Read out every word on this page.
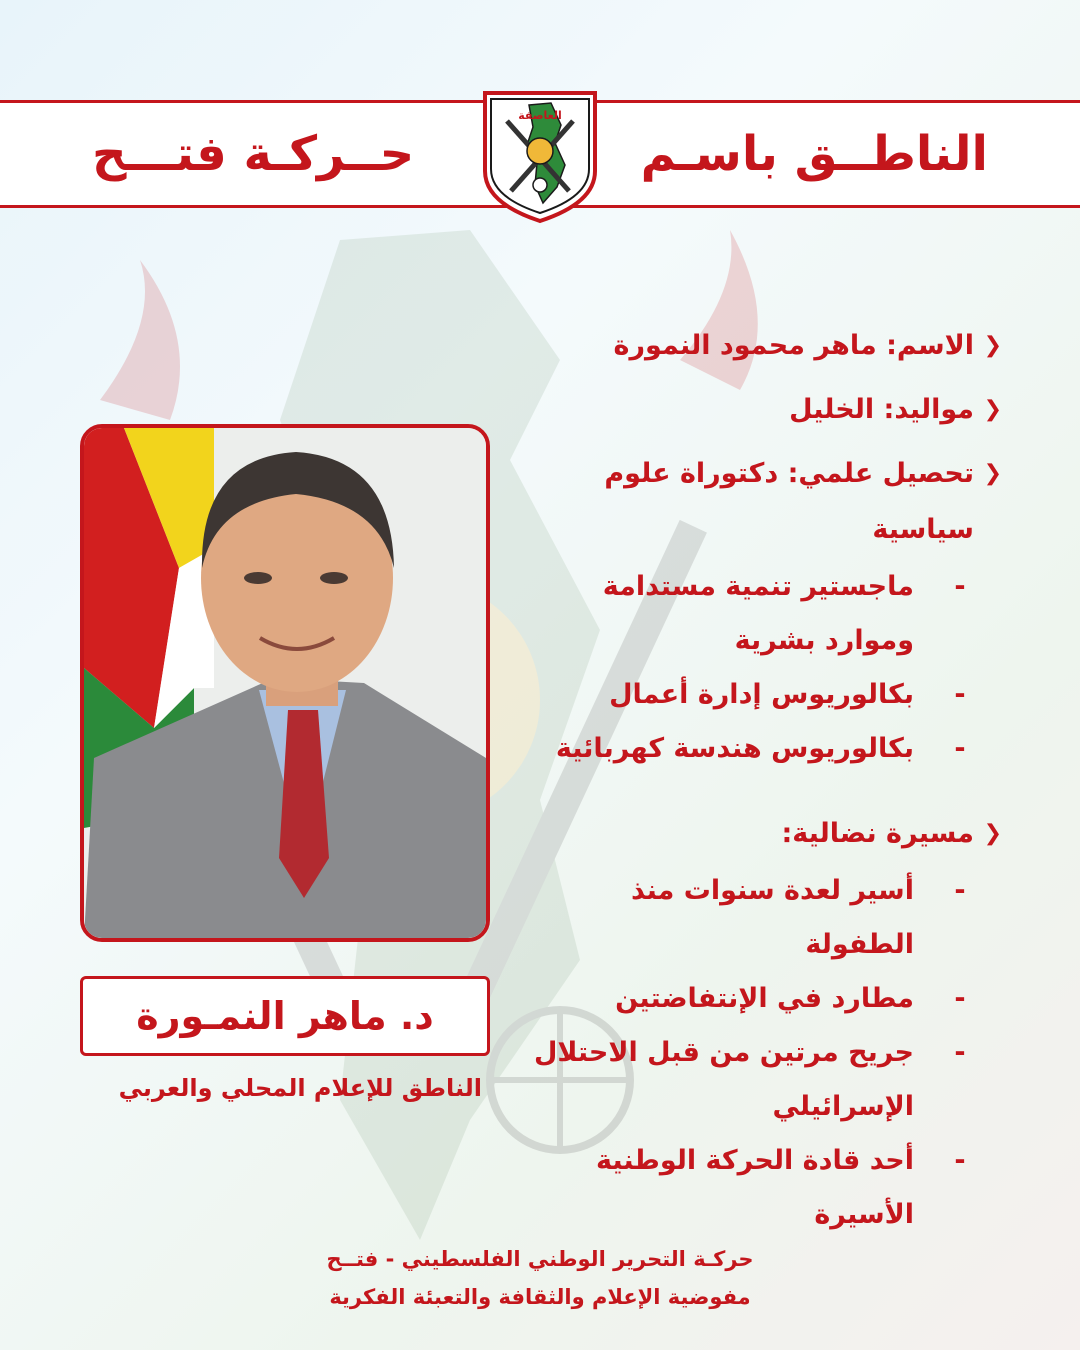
الناطــق باسـم
حــركـة فتـــح
العاصفة
د. ماهر النمـورة
الناطق للإعلام المحلي والعربي
❮
الاسم: ماهر محمود النمورة
❮
مواليد: الخليل
❮
تحصيل علمي: دكتوراة علوم سياسية
-
ماجستير تنمية مستدامة وموارد بشرية
-
بكالوريوس إدارة أعمال
-
بكالوريوس هندسة كهربائية
❮
مسيرة نضالية:
-
أسير لعدة سنوات منذ الطفولة
-
مطارد في الإنتفاضتين
-
جريح مرتين من قبل الاحتلال الإسرائيلي
-
أحد قادة الحركة الوطنية الأسيرة
حركـة التحرير الوطني الفلسطيني - فتــح
مفوضية الإعلام والثقافة والتعبئة الفكرية
